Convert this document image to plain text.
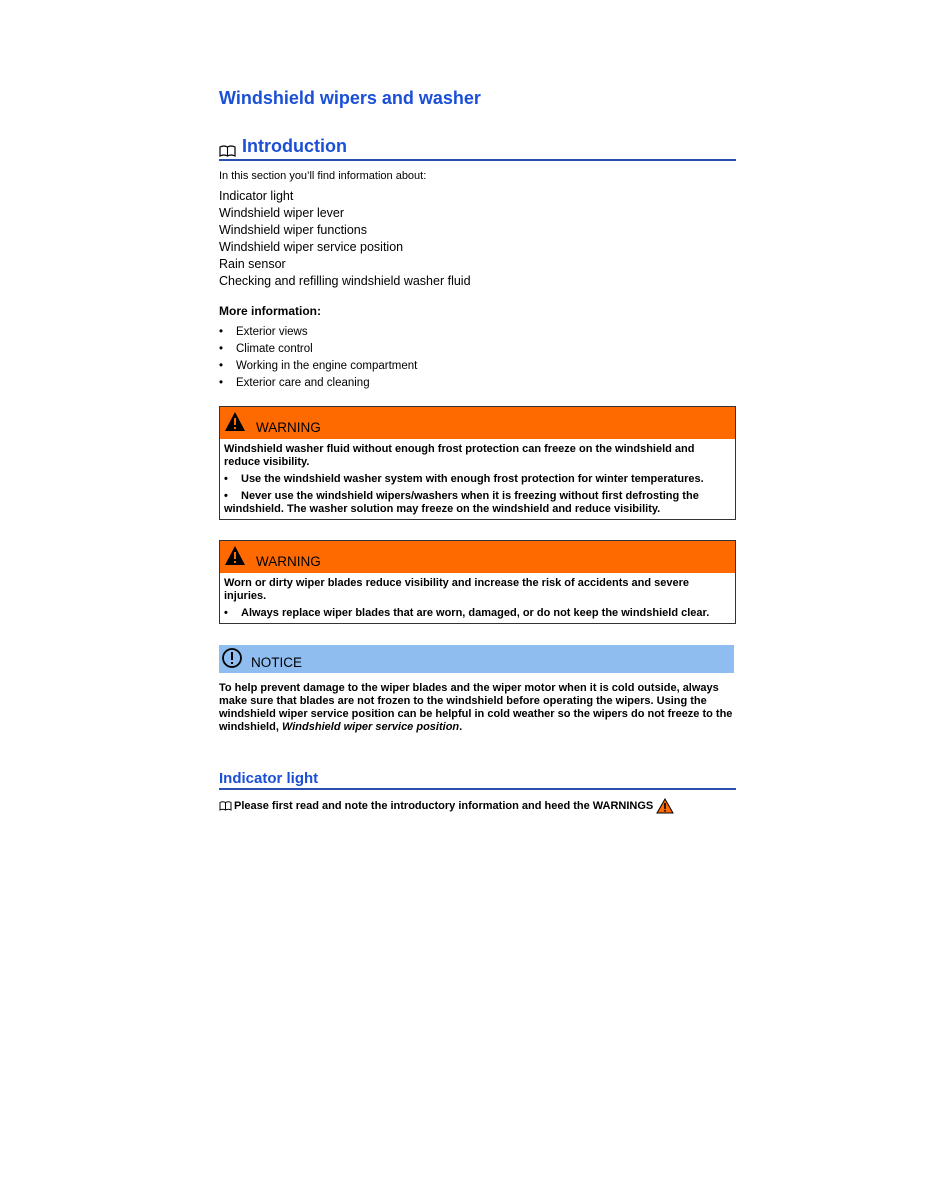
Windshield wipers and washer
Introduction
In this section you’ll find information about:
Indicator light
Windshield wiper lever
Windshield wiper functions
Windshield wiper service position
Rain sensor
Checking and refilling windshield washer fluid
More information:
•	Exterior views
•	Climate control
•	Working in the engine compartment
•	Exterior care and cleaning
WARNING
Windshield washer fluid without enough frost protection can freeze on the windshield and reduce visibility.
•	Use the windshield washer system with enough frost protection for winter temperatures.
• Never use the windshield wipers/washers when it is freezing without first defrosting the windshield. The washer solution may freeze on the windshield and reduce visibility.
WARNING
Worn or dirty wiper blades reduce visibility and increase the risk of accidents and severe injuries.
•	Always replace wiper blades that are worn, damaged, or do not keep the windshield clear.
NOTICE
To help prevent damage to the wiper blades and the wiper motor when it is cold outside, always make sure that blades are not frozen to the windshield before operating the wipers. Using the windshield wiper service position can be helpful in cold weather so the wipers do not freeze to the windshield, Windshield wiper service position.
Indicator light
Please first read and note the introductory information and heed the WARNINGS
